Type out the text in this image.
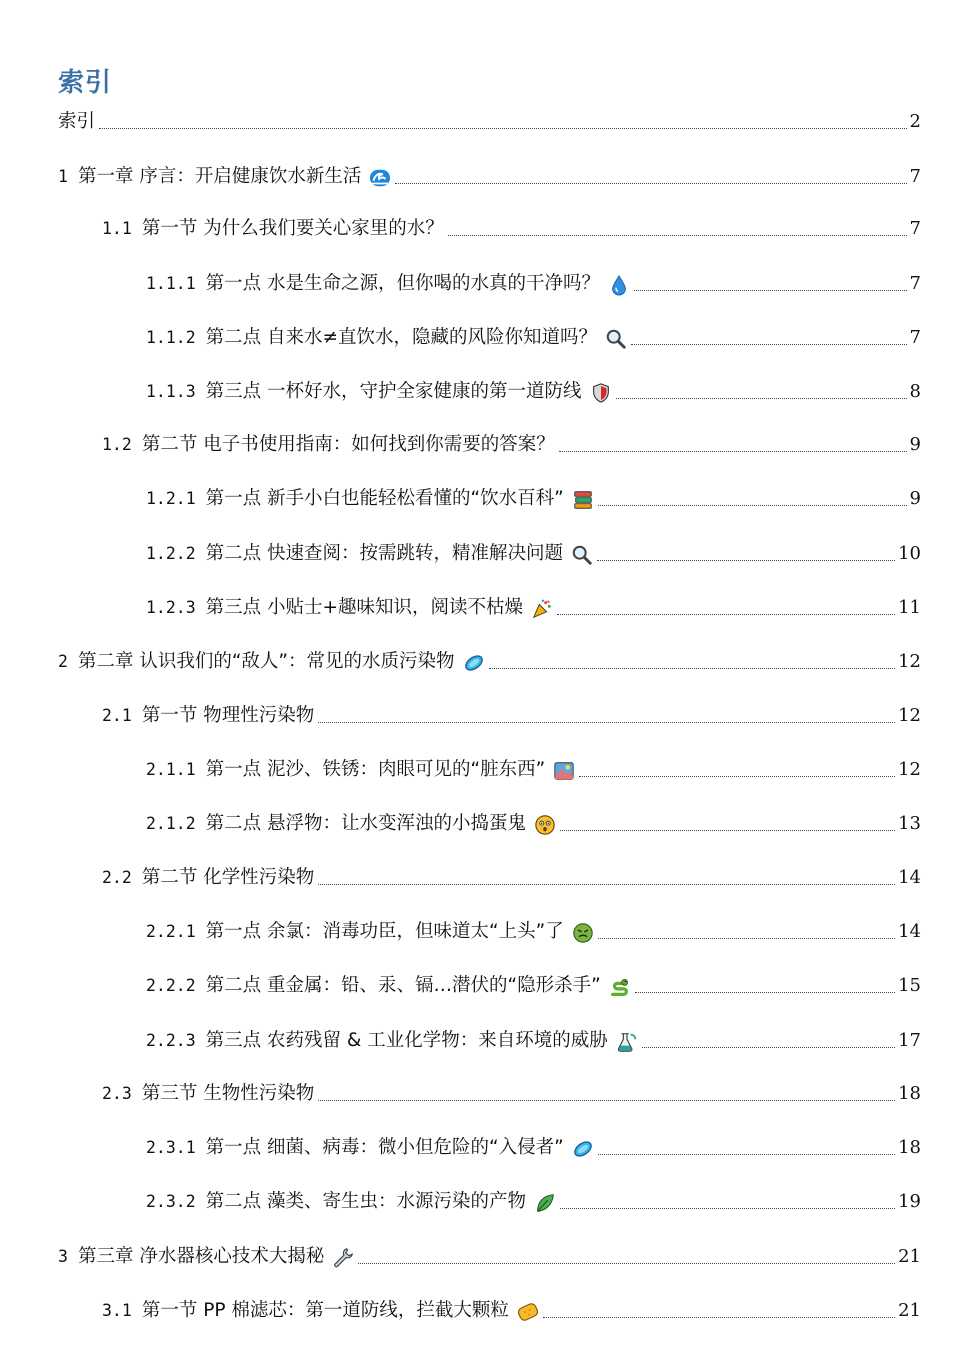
索引
索引	2
1 第一章 序言：开启健康饮水新生活	7
1.1 第一节 为什么我们要关心家里的水？	7
1.1.1 第一点 水是生命之源，但你喝的水真的干净吗？	7
1.1.2 第二点 自来水≠直饮水，隐藏的风险你知道吗？	7
1.1.3 第三点 一杯好水，守护全家健康的第一道防线	8
1.2 第二节 电子书使用指南：如何找到你需要的答案？	9
1.2.1 第一点 新手小白也能轻松看懂的“饮水百科”	9
1.2.2 第二点 快速查阅：按需跳转，精准解决问题	10
1.2.3 第三点 小贴士+趣味知识，阅读不枯燥	11
2 第二章 认识我们的“敌人”：常见的水质污染物	12
2.1 第一节 物理性污染物	12
2.1.1 第一点 泥沙、铁锈：肉眼可见的“脏东西”	12
2.1.2 第二点 悬浮物：让水变浑浊的小捣蛋鬼	13
2.2 第二节 化学性污染物	14
2.2.1 第一点 余氯：消毒功臣，但味道太“上头”了	14
2.2.2 第二点 重金属：铅、汞、镉…潜伏的“隐形杀手”	15
2.2.3 第三点 农药残留 & 工业化学物：来自环境的威胁	17
2.3 第三节 生物性污染物	18
2.3.1 第一点 细菌、病毒：微小但危险的“入侵者”	18
2.3.2 第二点 藻类、寄生虫：水源污染的产物	19
3 第三章 净水器核心技术大揭秘	21
3.1 第一节 PP 棉滤芯：第一道防线，拦截大颗粒	21
